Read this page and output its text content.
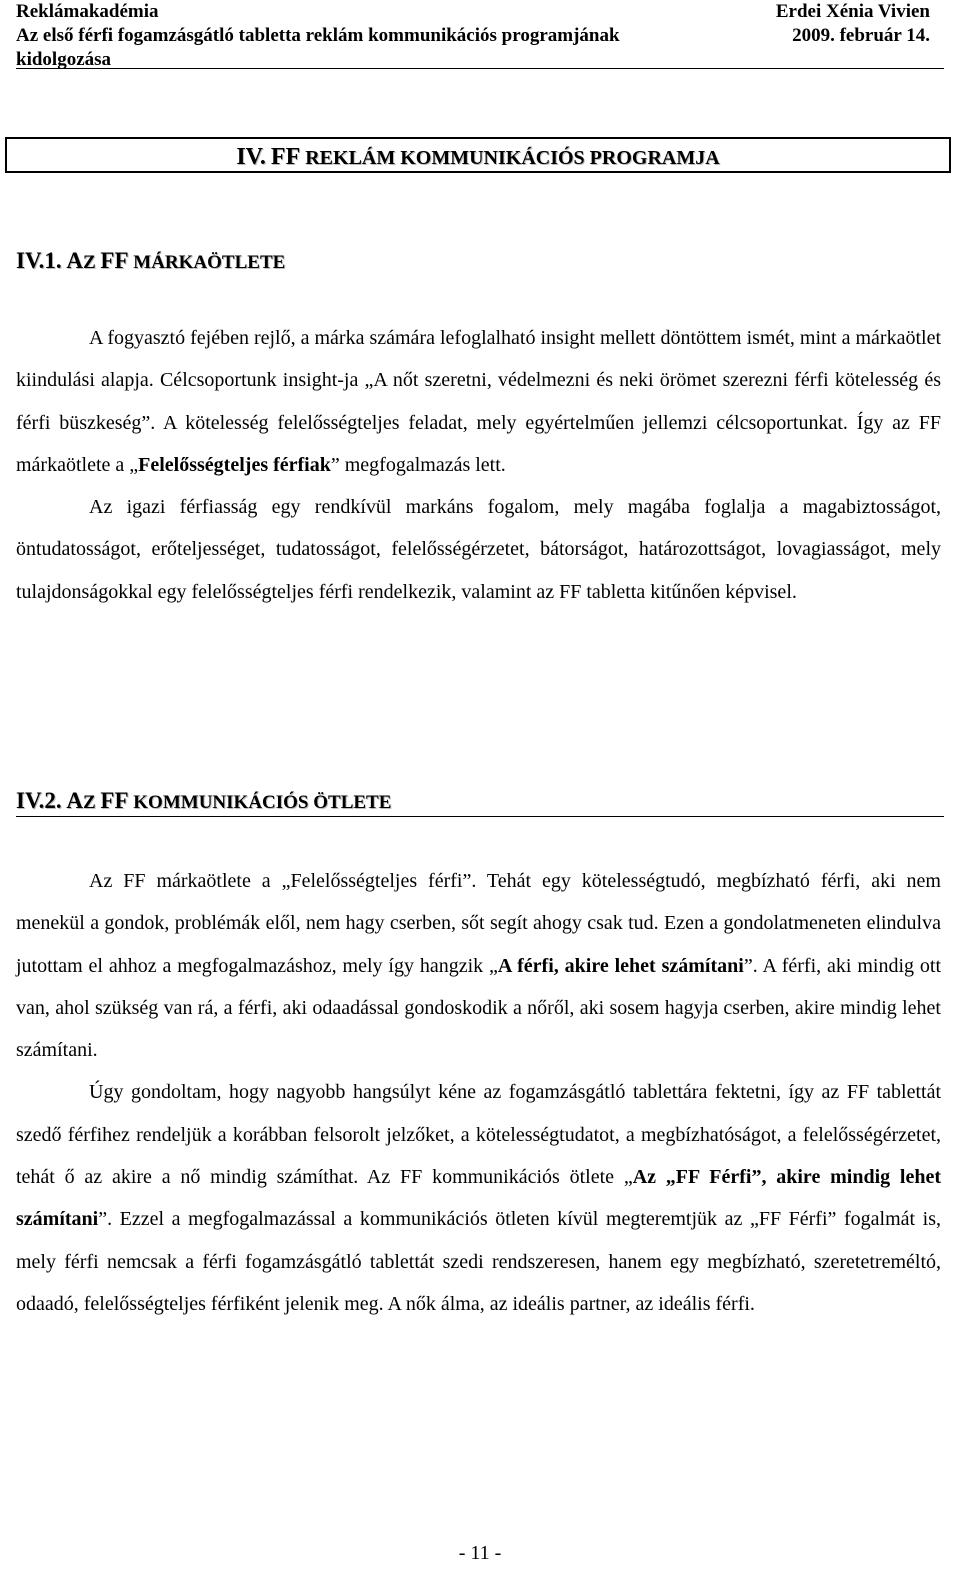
Reklámakadémia
Az első férfi fogamzásgátló tabletta reklám kommunikációs programjának
kidolgozása
Erdei Xénia Vivien
2009. február 14.
IV. FF REKLÁM KOMMUNIKÁCIÓS PROGRAMJA
IV.1. AZ FF MÁRKAÖTLETE

A fogyasztó fejében rejlő, a márka számára lefoglalható insight mellett döntöttem ismét, mint a márkaötlet kiindulási alapja. Célcsoportunk insight-ja „A nőt szeretni, védelmezni és neki örömet szerezni férfi kötelesség és férfi büszkeség”. A kötelesség felelősségteljes feladat, mely egyértelműen jellemzi célcsoportunkat. Így az FF márkaötlete a „Felelősségteljes férfiak” megfogalmazás lett.

Az igazi férfiasság egy rendkívül markáns fogalom, mely magába foglalja a magabiztosságot, öntudatosságot, erőteljességet, tudatosságot, felelősségérzetet, bátorságot, határozottságot, lovagiasságot, mely tulajdonságokkal egy felelősségteljes férfi rendelkezik, valamint az FF tabletta kitűnően képvisel.

IV.2. AZ FF KOMMUNIKÁCIÓS ÖTLETE

Az FF márkaötlete a „Felelősségteljes férfi”. Tehát egy kötelességtudó, megbízható férfi, aki nem menekül a gondok, problémák elől, nem hagy cserben, sőt segít ahogy csak tud. Ezen a gondolatmeneten elindulva jutottam el ahhoz a megfogalmazáshoz, mely így hangzik „A férfi, akire lehet számítani”. A férfi, aki mindig ott van, ahol szükség van rá, a férfi, aki odaadással gondoskodik a nőről, aki sosem hagyja cserben, akire mindig lehet számítani.

Úgy gondoltam, hogy nagyobb hangsúlyt kéne az fogamzásgátló tablettára fektetni, így az FF tablettát szedő férfihez rendeljük a korábban felsorolt jelzőket, a kötelességtudatot, a megbízhatóságot, a felelősségérzetet, tehát ő az akire a nő mindig számíthat. Az FF kommunikációs ötlete „Az „FF Férfi”, akire mindig lehet számítani”. Ezzel a megfogalmazással a kommunikációs ötleten kívül megteremtjük az „FF Férfi” fogalmát is, mely férfi nemcsak a férfi fogamzásgátló tablettát szedi rendszeresen, hanem egy megbízható, szeretetreméltó, odaadó, felelősségteljes férfiként jelenik meg. A nők álma, az ideális partner, az ideális férfi.

- 11 -
